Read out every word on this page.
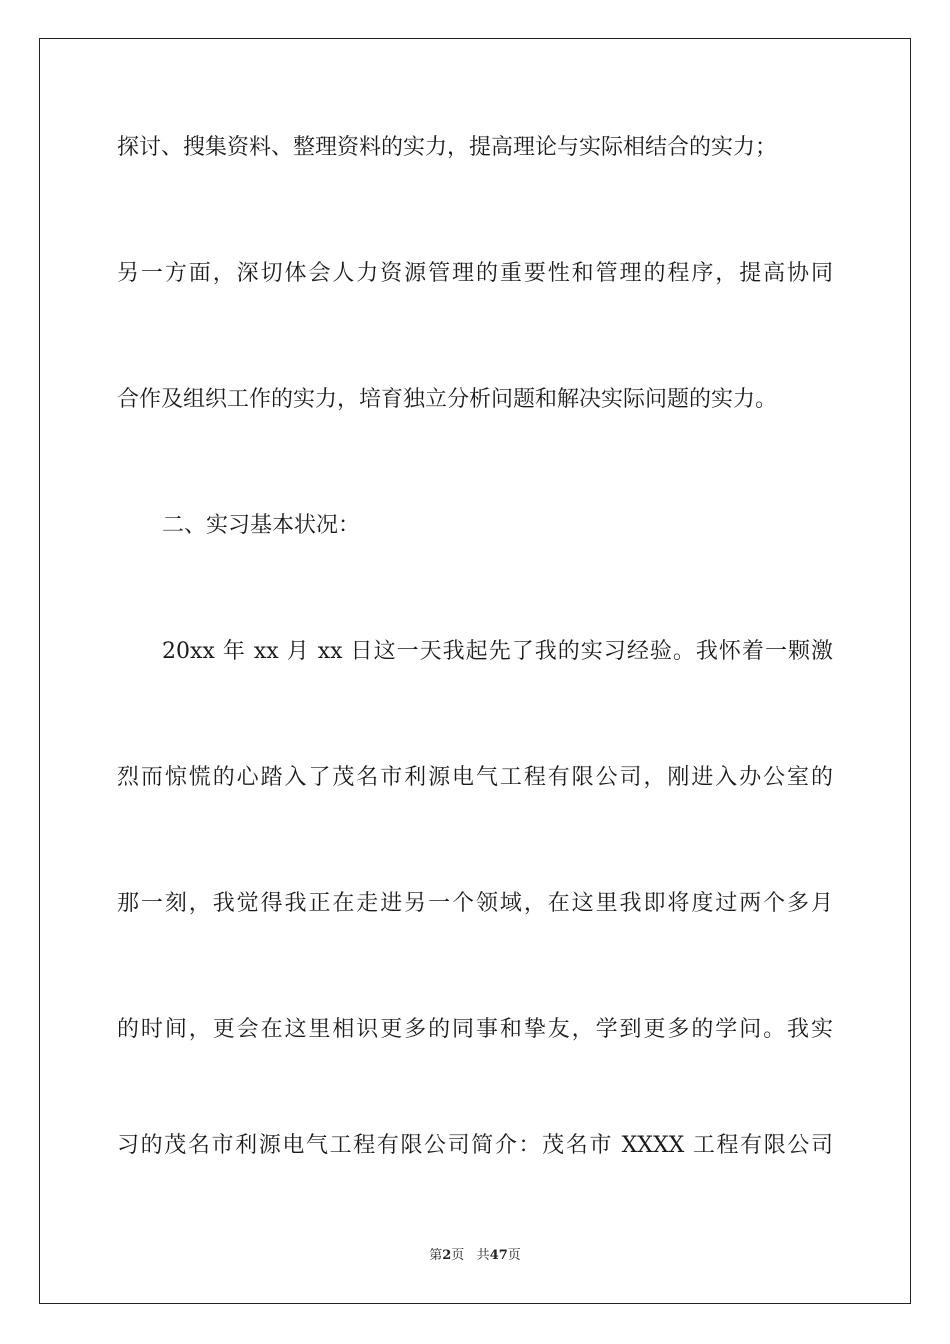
探讨、搜集资料、整理资料的实力，提高理论与实际相结合的实力；
另一方面，深切体会人力资源管理的重要性和管理的程序，提高协同
合作及组织工作的实力，培育独立分析问题和解决实际问题的实力。
二、实习基本状况：
20xx 年 xx 月 xx 日这一天我起先了我的实习经验。我怀着一颗激
烈而惊慌的心踏入了茂名市利源电气工程有限公司，刚进入办公室的
那一刻，我觉得我正在走进另一个领域，在这里我即将度过两个多月
的时间，更会在这里相识更多的同事和挚友，学到更多的学问。我实
习的茂名市利源电气工程有限公司简介：茂名市 XXXX 工程有限公司
第2页 共47页
